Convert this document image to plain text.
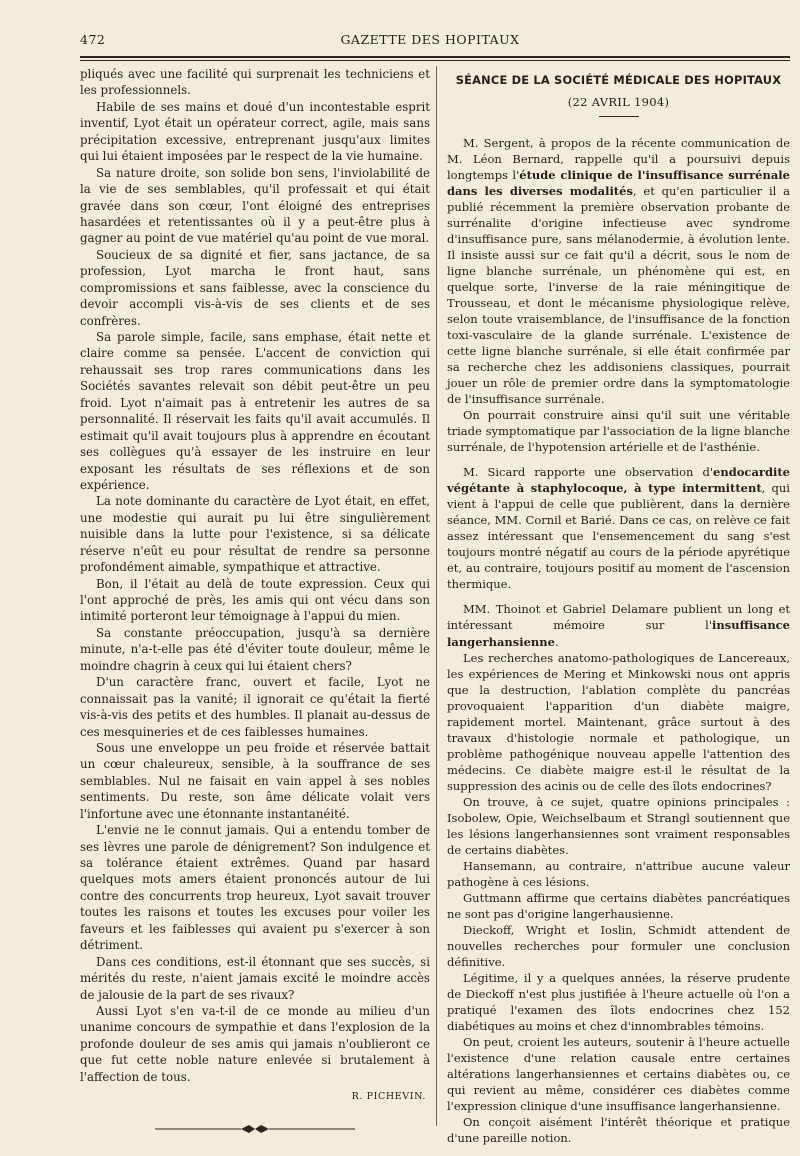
472	GAZETTE DES HOPITAUX

pliqués avec une facilité qui surprenait les techniciens et les professionnels.

Habile de ses mains et doué d'un incontestable esprit inventif, Lyot était un opérateur correct, agile, mais sans précipitation excessive, entreprenant jusqu'aux limites qui lui étaient imposées par le respect de la vie humaine.

Sa nature droite, son solide bon sens, l'inviolabilité de la vie de ses semblables, qu'il professait et qui était gravée dans son cœur, l'ont éloigné des entreprises hasardées et retentissantes où il y a peut-être plus à gagner au point de vue matériel qu'au point de vue moral.

Soucieux de sa dignité et fier, sans jactance, de sa profession, Lyot marcha le front haut, sans compromissions et sans faiblesse, avec la conscience du devoir accompli vis-à-vis de ses clients et de ses confrères.

Sa parole simple, facile, sans emphase, était nette et claire comme sa pensée. L'accent de conviction qui rehaussait ses trop rares communications dans les Sociétés savantes relevait son débit peut-être un peu froid. Lyot n'aimait pas à entretenir les autres de sa personnalité. Il réservait les faits qu'il avait accumulés. Il estimait qu'il avait toujours plus à apprendre en écoutant ses collègues qu'à essayer de les instruire en leur exposant les résultats de ses réflexions et de son expérience.

La note dominante du caractère de Lyot était, en effet, une modestie qui aurait pu lui être singulièrement nuisible dans la lutte pour l'existence, si sa délicate réserve n'eût eu pour résultat de rendre sa personne profondément aimable, sympathique et attractive.

Bon, il l'était au delà de toute expression. Ceux qui l'ont approché de près, les amis qui ont vécu dans son intimité porteront leur témoignage à l'appui du mien.

Sa constante préoccupation, jusqu'à sa dernière minute, n'a-t-elle pas été d'éviter toute douleur, même le moindre chagrin à ceux qui lui étaient chers?

D'un caractère franc, ouvert et facile, Lyot ne connaissait pas la vanité; il ignorait ce qu'était la fierté vis-à-vis des petits et des humbles. Il planait au-dessus de ces mesquineries et de ces faiblesses humaines.

Sous une enveloppe un peu froide et réservée battait un cœur chaleureux, sensible, à la souffrance de ses semblables. Nul ne faisait en vain appel à ses nobles sentiments. Du reste, son âme délicate volait vers l'infortune avec une étonnante instantanéité.

L'envie ne le connut jamais. Qui a entendu tomber de ses lèvres une parole de dénigrement? Son indulgence et sa tolérance étaient extrêmes. Quand par hasard quelques mots amers étaient prononcés autour de lui contre des concurrents trop heureux, Lyot savait trouver toutes les raisons et toutes les excuses pour voiler les faveurs et les faiblesses qui avaient pu s'exercer à son détriment.

Dans ces conditions, est-il étonnant que ses succès, si mérités du reste, n'aient jamais excité le moindre accès de jalousie de la part de ses rivaux?

Aussi Lyot s'en va-t-il de ce monde au milieu d'un unanime concours de sympathie et dans l'explosion de la profonde douleur de ses amis qui jamais n'oublieront ce que fut cette noble nature enlevée si brutalement à l'affection de tous.

R. PICHEVIN.
SÉANCE DE LA SOCIÉTÉ MÉDICALE DES HOPITAUX
(22 AVRIL 1904)

M. Sergent, à propos de la récente communication de M. Léon Bernard, rappelle qu'il a poursuivi depuis longtemps l'étude clinique de l'insuffisance surrénale dans les diverses modalités, et qu'en particulier il a publié récemment la première observation probante de surrénalite d'origine infectieuse avec syndrome d'insuffisance pure, sans mélanodermie, à évolution lente. Il insiste aussi sur ce fait qu'il a décrit, sous le nom de ligne blanche surrénale, un phénomène qui est, en quelque sorte, l'inverse de la raie méningitique de Trousseau, et dont le mécanisme physiologique relève, selon toute vraisemblance, de l'insuffisance de la fonction toxi-vasculaire de la glande surrénale. L'existence de cette ligne blanche surrénale, si elle était confirmée par sa recherche chez les addisoniens classiques, pourrait jouer un rôle de premier ordre dans la symptomatologie de l'insuffisance surrénale.

On pourrait construire ainsi qu'il suit une véritable triade symptomatique par l'association de la ligne blanche surrénale, de l'hypotension artérielle et de l'asthénie.

M. Sicard rapporte une observation d'endocardite végétante à staphylocoque, à type intermittent, qui vient à l'appui de celle que publièrent, dans la dernière séance, MM. Cornil et Barié. Dans ce cas, on relève ce fait assez intéressant que l'ensemencement du sang s'est toujours montré négatif au cours de la période apyrétique et, au contraire, toujours positif au moment de l'ascension thermique.

MM. Thoinot et Gabriel Delamare publient un long et intéressant mémoire sur l'insuffisance langerhansienne.

Les recherches anatomo-pathologiques de Lancereaux, les expériences de Mering et Minkowski nous ont appris que la destruction, l'ablation complète du pancréas provoquaient l'apparition d'un diabète maigre, rapidement mortel. Maintenant, grâce surtout à des travaux d'histologie normale et pathologique, un problème pathogénique nouveau appelle l'attention des médecins. Ce diabète maigre est-il le résultat de la suppression des acinis ou de celle des îlots endocrines?

On trouve, à ce sujet, quatre opinions principales : Isobolew, Opie, Weichselbaum et Strangl soutiennent que les lésions langerhansiennes sont vraiment responsables de certains diabètes.

Hansemann, au contraire, n'attribue aucune valeur pathogène à ces lésions.

Guttmann affirme que certains diabètes pancréatiques ne sont pas d'origine langerhausienne.

Dieckoff, Wright et Ioslin, Schmidt attendent de nouvelles recherches pour formuler une conclusion définitive.

Légitime, il y a quelques années, la réserve prudente de Dieckoff n'est plus justifiée à l'heure actuelle où l'on a pratiqué l'examen des îlots endocrines chez 152 diabétiques au moins et chez d'innombrables témoins.

On peut, croient les auteurs, soutenir à l'heure actuelle l'existence d'une relation causale entre certaines altérations langerhansiennes et certains diabètes ou, ce qui revient au même, considérer ces diabètes comme l'expression clinique d'une insuffisance langerhansienne.

On conçoit aisément l'intérêt théorique et pratique d'une pareille notion.
